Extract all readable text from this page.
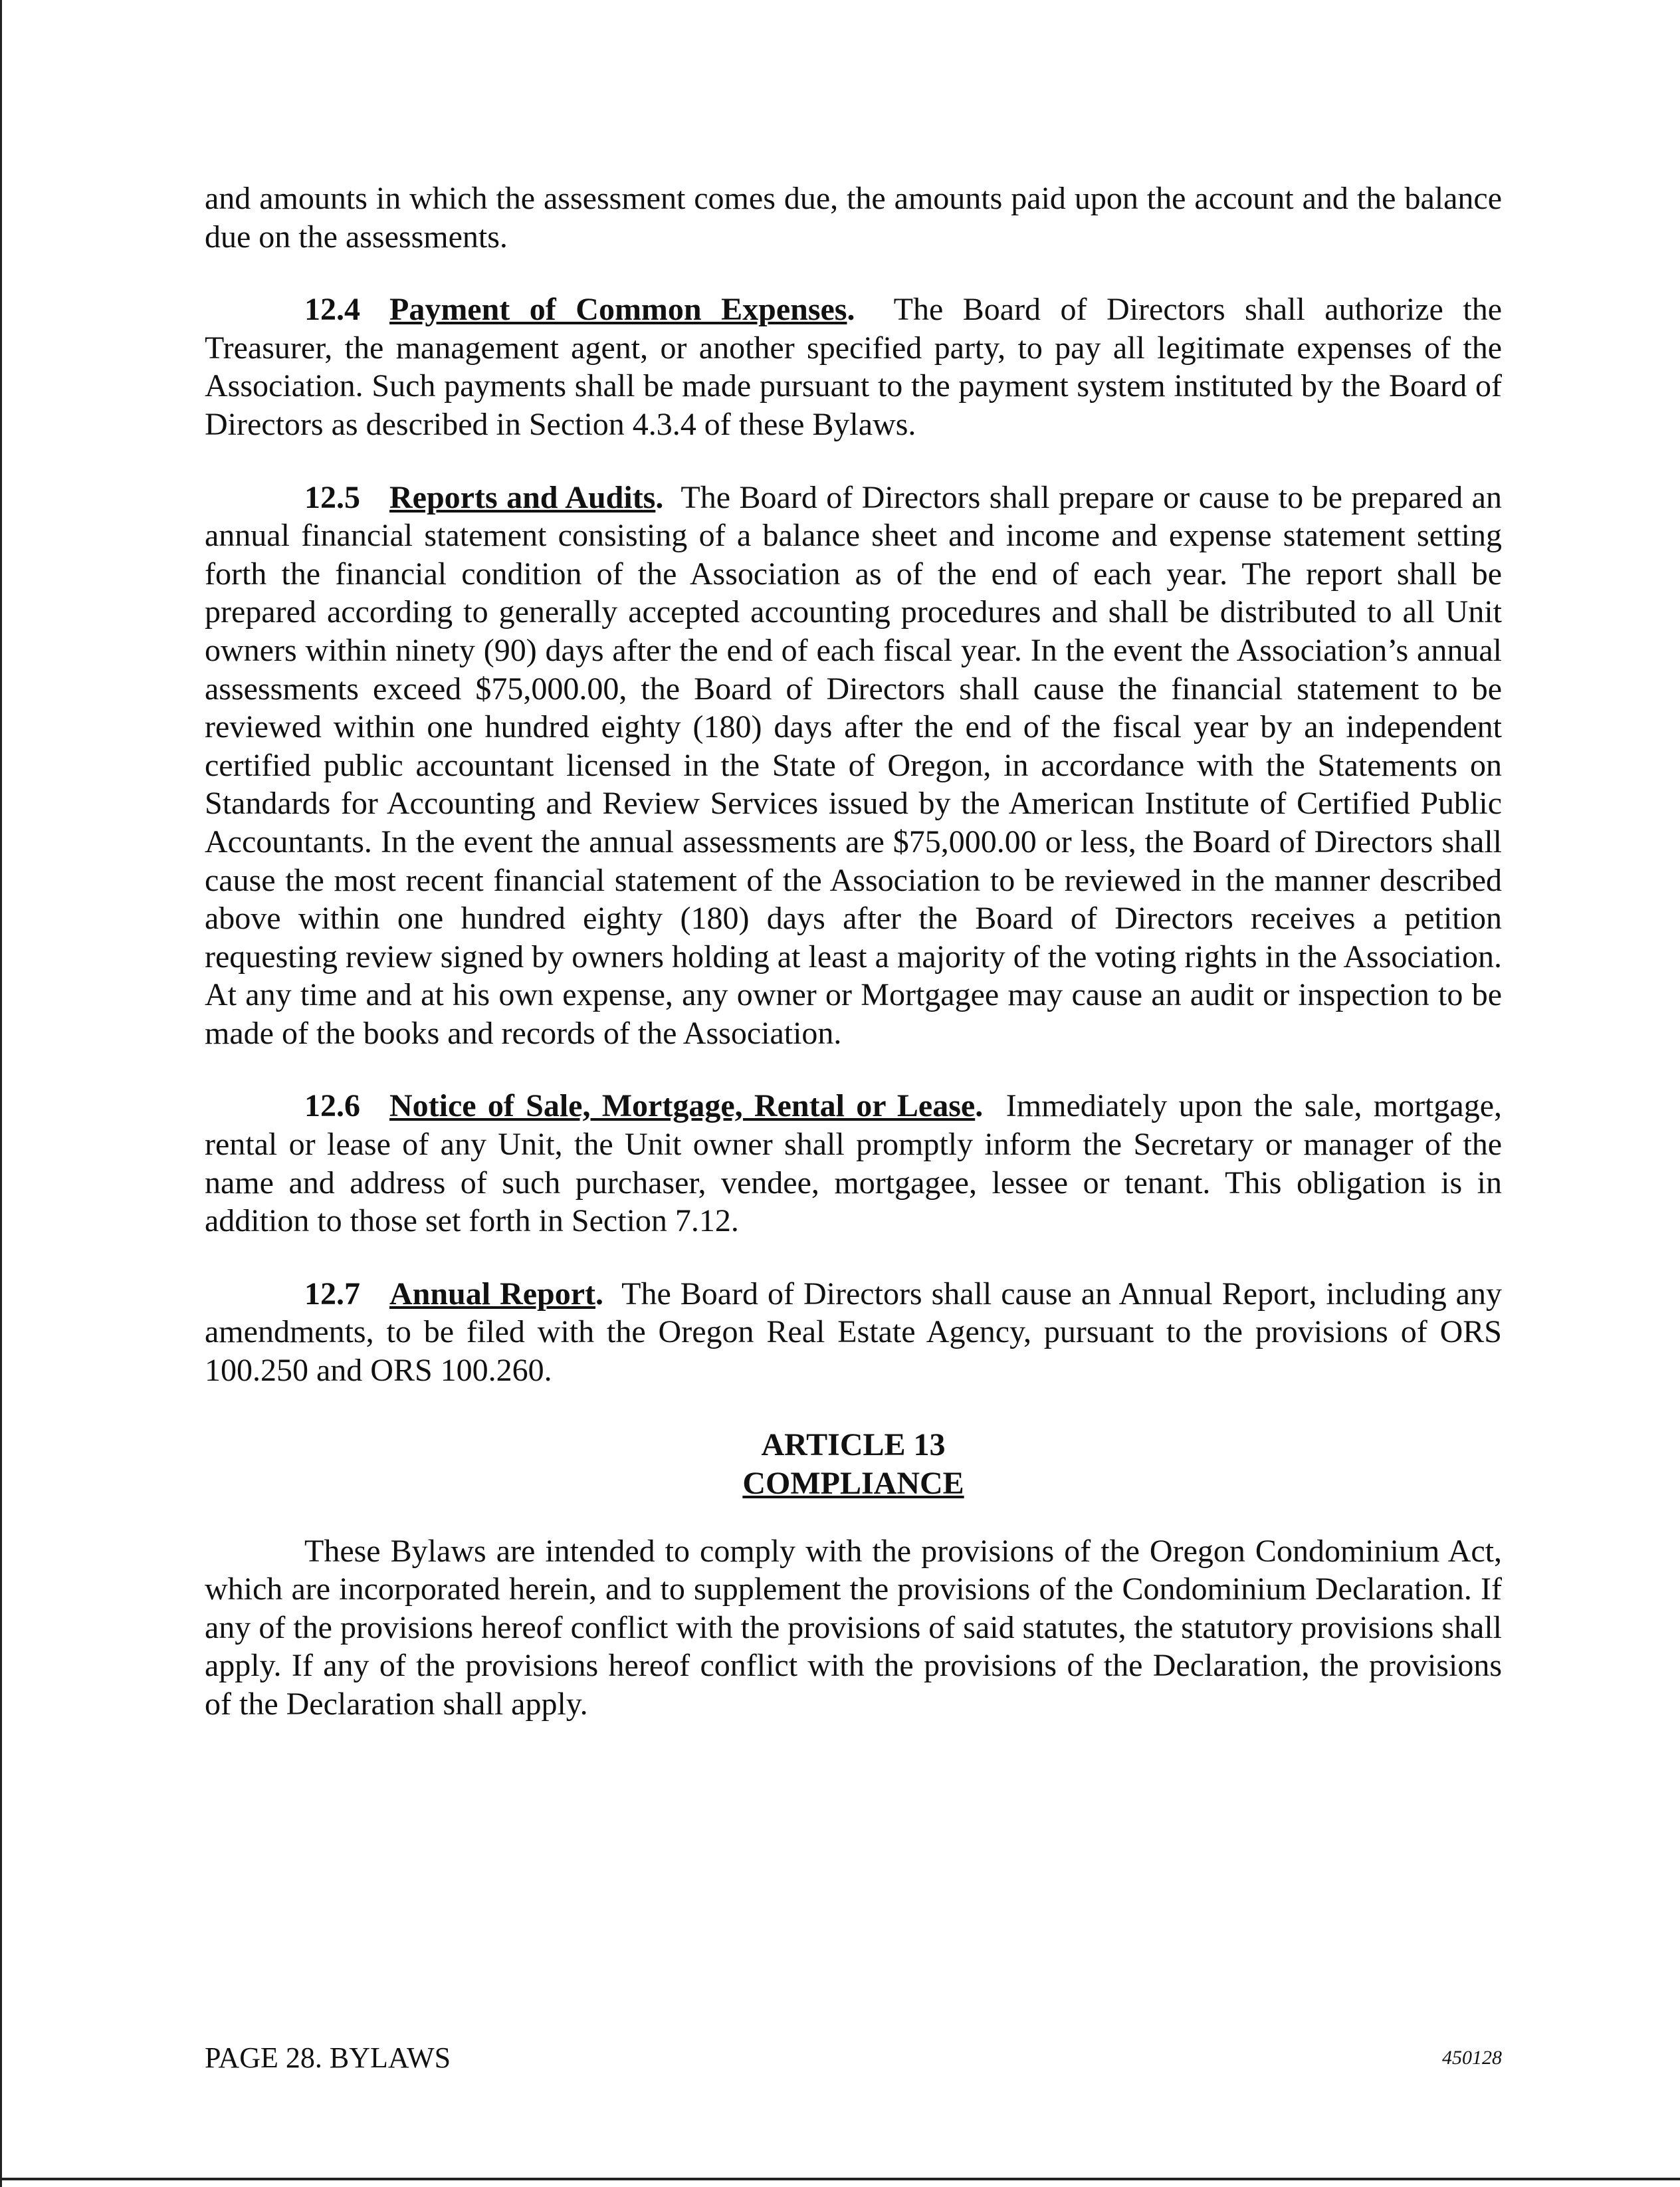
and amounts in which the assessment comes due, the amounts paid upon the account and the balance due on the assessments.

12.4 Payment of Common Expenses. The Board of Directors shall authorize the Treasurer, the management agent, or another specified party, to pay all legitimate expenses of the Association. Such payments shall be made pursuant to the payment system instituted by the Board of Directors as described in Section 4.3.4 of these Bylaws.

12.5 Reports and Audits. The Board of Directors shall prepare or cause to be prepared an annual financial statement consisting of a balance sheet and income and expense statement setting forth the financial condition of the Association as of the end of each year. The report shall be prepared according to generally accepted accounting procedures and shall be distributed to all Unit owners within ninety (90) days after the end of each fiscal year. In the event the Association’s annual assessments exceed $75,000.00, the Board of Directors shall cause the financial statement to be reviewed within one hundred eighty (180) days after the end of the fiscal year by an independent certified public accountant licensed in the State of Oregon, in accordance with the Statements on Standards for Accounting and Review Services issued by the American Institute of Certified Public Accountants. In the event the annual assessments are $75,000.00 or less, the Board of Directors shall cause the most recent financial statement of the Association to be reviewed in the manner described above within one hundred eighty (180) days after the Board of Directors receives a petition requesting review signed by owners holding at least a majority of the voting rights in the Association. At any time and at his own expense, any owner or Mortgagee may cause an audit or inspection to be made of the books and records of the Association.

12.6 Notice of Sale, Mortgage, Rental or Lease. Immediately upon the sale, mortgage, rental or lease of any Unit, the Unit owner shall promptly inform the Secretary or manager of the name and address of such purchaser, vendee, mortgagee, lessee or tenant. This obligation is in addition to those set forth in Section 7.12.

12.7 Annual Report. The Board of Directors shall cause an Annual Report, including any amendments, to be filed with the Oregon Real Estate Agency, pursuant to the provisions of ORS 100.250 and ORS 100.260.

ARTICLE 13
COMPLIANCE

These Bylaws are intended to comply with the provisions of the Oregon Condominium Act, which are incorporated herein, and to supplement the provisions of the Condominium Declaration. If any of the provisions hereof conflict with the provisions of said statutes, the statutory provisions shall apply. If any of the provisions hereof conflict with the provisions of the Declaration, the provisions of the Declaration shall apply.

PAGE 28. BYLAWS	450128
